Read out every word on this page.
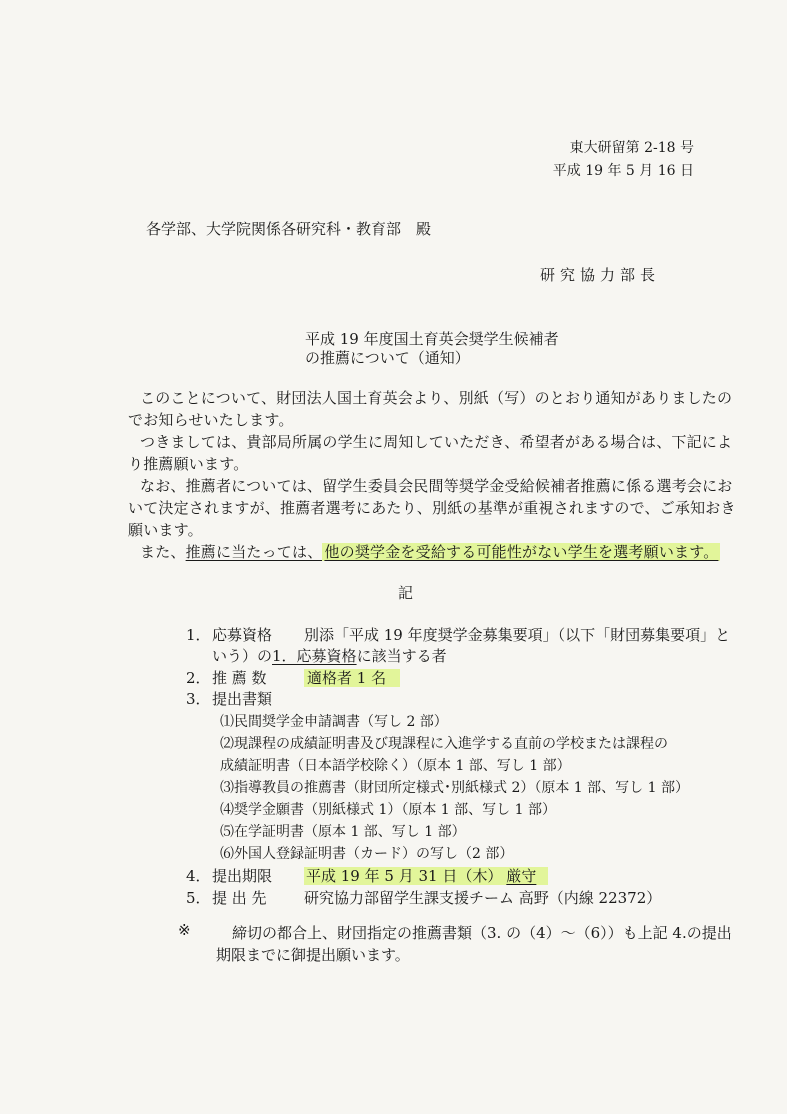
東大研留第 2-18 号
平成 19 年 5 月 16 日
各学部、大学院関係各研究科・教育部　殿
研究協力部長
平成 19 年度国土育英会奨学生候補者
の推薦について（通知）
このことについて、財団法人国土育英会より、別紙（写）のとおり通知がありましたの
でお知らせいたします。
つきましては、貴部局所属の学生に周知していただき、希望者がある場合は、下記によ
り推薦願います。
なお、推薦者については、留学生委員会民間等奨学金受給候補者推薦に係る選考会にお
いて決定されますが、推薦者選考にあたり、別紙の基準が重視されますので、ご承知おき
願います。
また、推薦に当たっては、 他の奨学金を受給する可能性がない学生を選考願います。
記
1．応募資格 別添「平成 19 年度奨学金募集要項」（以下「財団募集要項」と
いう）の1．応募資格に該当する者
2．推 薦 数	適格者 1 名
3．提出書類
⑴民間奨学金申請調書（写し 2 部）
⑵現課程の成績証明書及び現課程に入進学する直前の学校または課程の
成績証明書（日本語学校除く）（原本 1 部、写し 1 部）
⑶指導教員の推薦書（財団所定様式･別紙様式 2）（原本 1 部、写し 1 部）
⑷奨学金願書（別紙様式 1）（原本 1 部、写し 1 部）
⑸在学証明書（原本 1 部、写し 1 部）
⑹外国人登録証明書（カード）の写し（2 部）
4．提出期限 平成 19 年 5 月 31 日（木） 厳守
5．提 出 先 研究協力部留学生課支援チーム 高野（内線 22372）
※	締切の都合上、財団指定の推薦書類（3. の（4）～（6））も上記 4.の提出
期限までに御提出願います。
